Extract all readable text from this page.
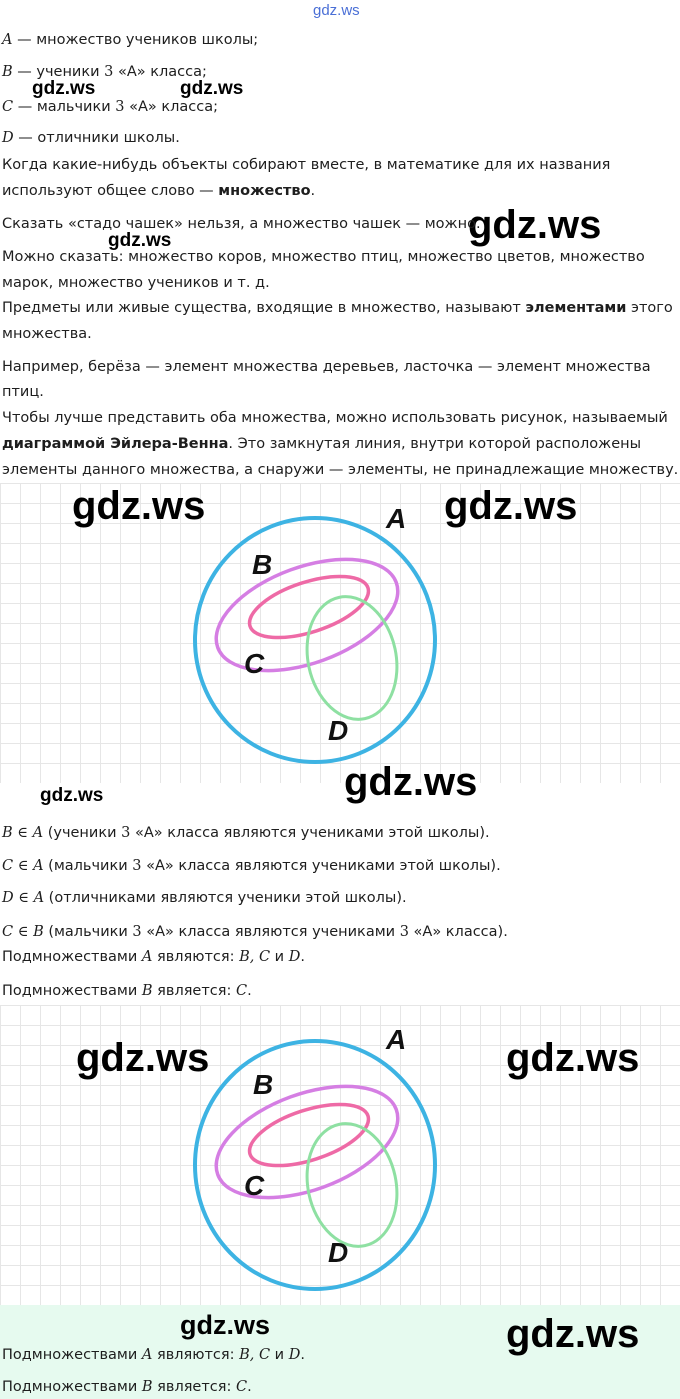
gdz.ws
gdz.ws	gdz.ws
gdz.ws	gdz.ws
A — множество учеников школы;
B — ученики 3 «А» класса;
C — мальчики 3 «А» класса;
D — отличники школы.
Когда какие-нибудь объекты собирают вместе, в математике для их названия
используют общее слово — множество.
Сказать «стадо чашек» нельзя, а множество чашек — можно.
Можно сказать: множество коров, множество птиц, множество цветов, множество
марок, множество учеников и т. д.
Предметы или живые существа, входящие в множество, называют элементами этого
множества.
Например, берёза — элемент множества деревьев, ласточка — элемент множества
птиц.
Чтобы лучше представить оба множества, можно использовать рисунок, называемый
диаграммой Эйлера-Венна. Это замкнутая линия, внутри которой расположены
элементы данного множества, а снаружи — элементы, не принадлежащие множеству.
A
B
C
D
gdz.ws	gdz.ws
gdz.ws
gdz.ws
B ∈ A (ученики 3 «А» класса являются учениками этой школы).
C ∈ A (мальчики 3 «А» класса являются учениками этой школы).
D ∈ A (отличниками являются ученики этой школы).
C ∈ B (мальчики 3 «А» класса являются учениками 3 «А» класса).
Подмножествами A являются: B, C и D.
Подмножествами B является: C.
A
B
C
D
gdz.ws	gdz.ws
gdz.ws	gdz.ws
Подмножествами A являются: B, C и D.
Подмножествами B является: C.
